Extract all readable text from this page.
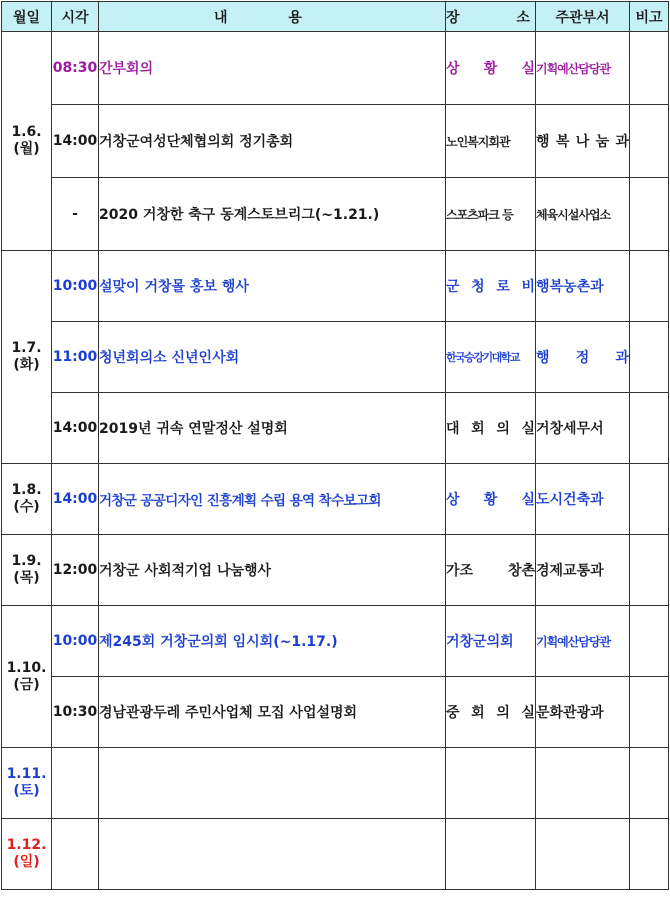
월일	시각	내 용	장 소	주관부서	비고

1.6.
(월)	08:30	간부회의	상 황 실	기획예산담당관	
	14:00	거창군여성단체협의회 정기총회	노인복지회관	행 복 나 눔 과	

	-	2020 거창한 축구 동계스토브리그(~1.21.)	스포츠파크 등	체육시설사업소	

1.7.
(화)	10:00	설맞이 거창몰 홍보 행사	군 청 로 비	행복농촌과	

	11:00	청년회의소 신년인사회	한국승강기대학교	행 정 과	

	14:00	2019년 귀속 연말정산 설명회	대 회 의 실	거창세무서	

1.8.
(수)	14:00	거창군 공공디자인 진흥계획 수립 용역 착수보고회	상 황 실	도시건축과	

1.9.
(목)	12:00	거창군 사회적기업 나눔행사	가조 창촌	경제교통과	

1.10.
(금)	10:00	제245회 거창군의회 임시회(~1.17.)	거창군의회	기획예산담당관	
	10:30	경남관광두레 주민사업체 모집 사업설명회	중 회 의 실	문화관광과	

1.11.
(토)					

1.12.
(일)					
